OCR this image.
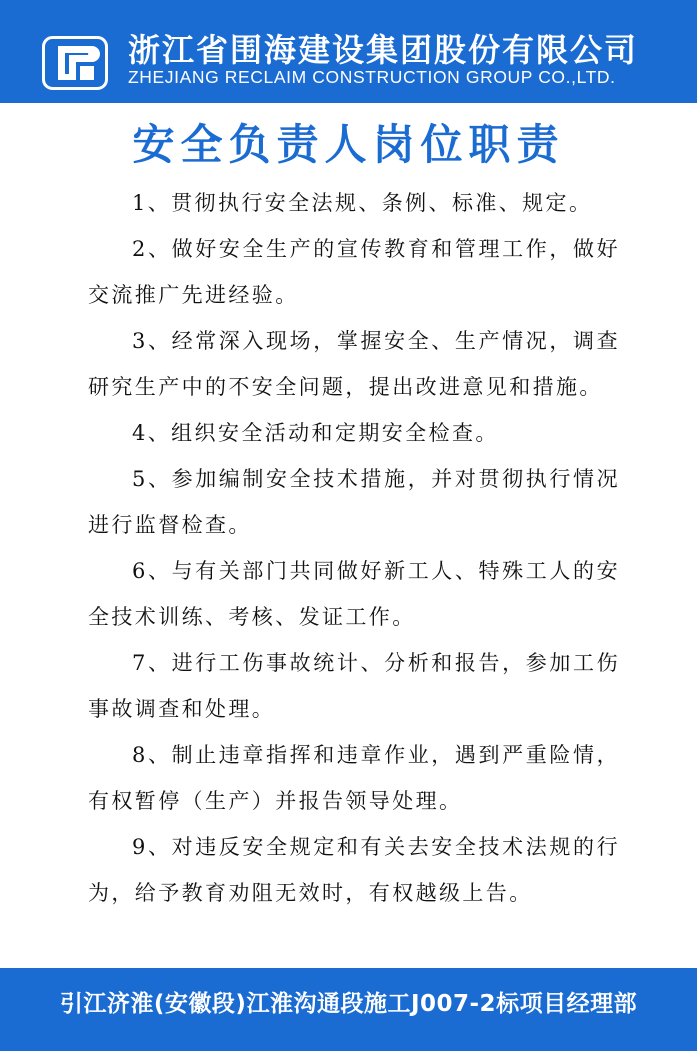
浙江省围海建设集团股份有限公司
ZHEJIANG RECLAIM CONSTRUCTION GROUP CO.,LTD.
安全负责人岗位职责
1、贯彻执行安全法规、条例、标准、规定。
2、做好安全生产的宣传教育和管理工作，做好交流推广先进经验。
3、经常深入现场，掌握安全、生产情况，调查研究生产中的不安全问题，提出改进意见和措施。
4、组织安全活动和定期安全检查。
5、参加编制安全技术措施，并对贯彻执行情况进行监督检查。
6、与有关部门共同做好新工人、特殊工人的安全技术训练、考核、发证工作。
7、进行工伤事故统计、分析和报告，参加工伤事故调查和处理。
8、制止违章指挥和违章作业，遇到严重险情，有权暂停（生产）并报告领导处理。
9、对违反安全规定和有关去安全技术法规的行为，给予教育劝阻无效时，有权越级上告。
引江济淮(安徽段)江淮沟通段施工J007-2标项目经理部
